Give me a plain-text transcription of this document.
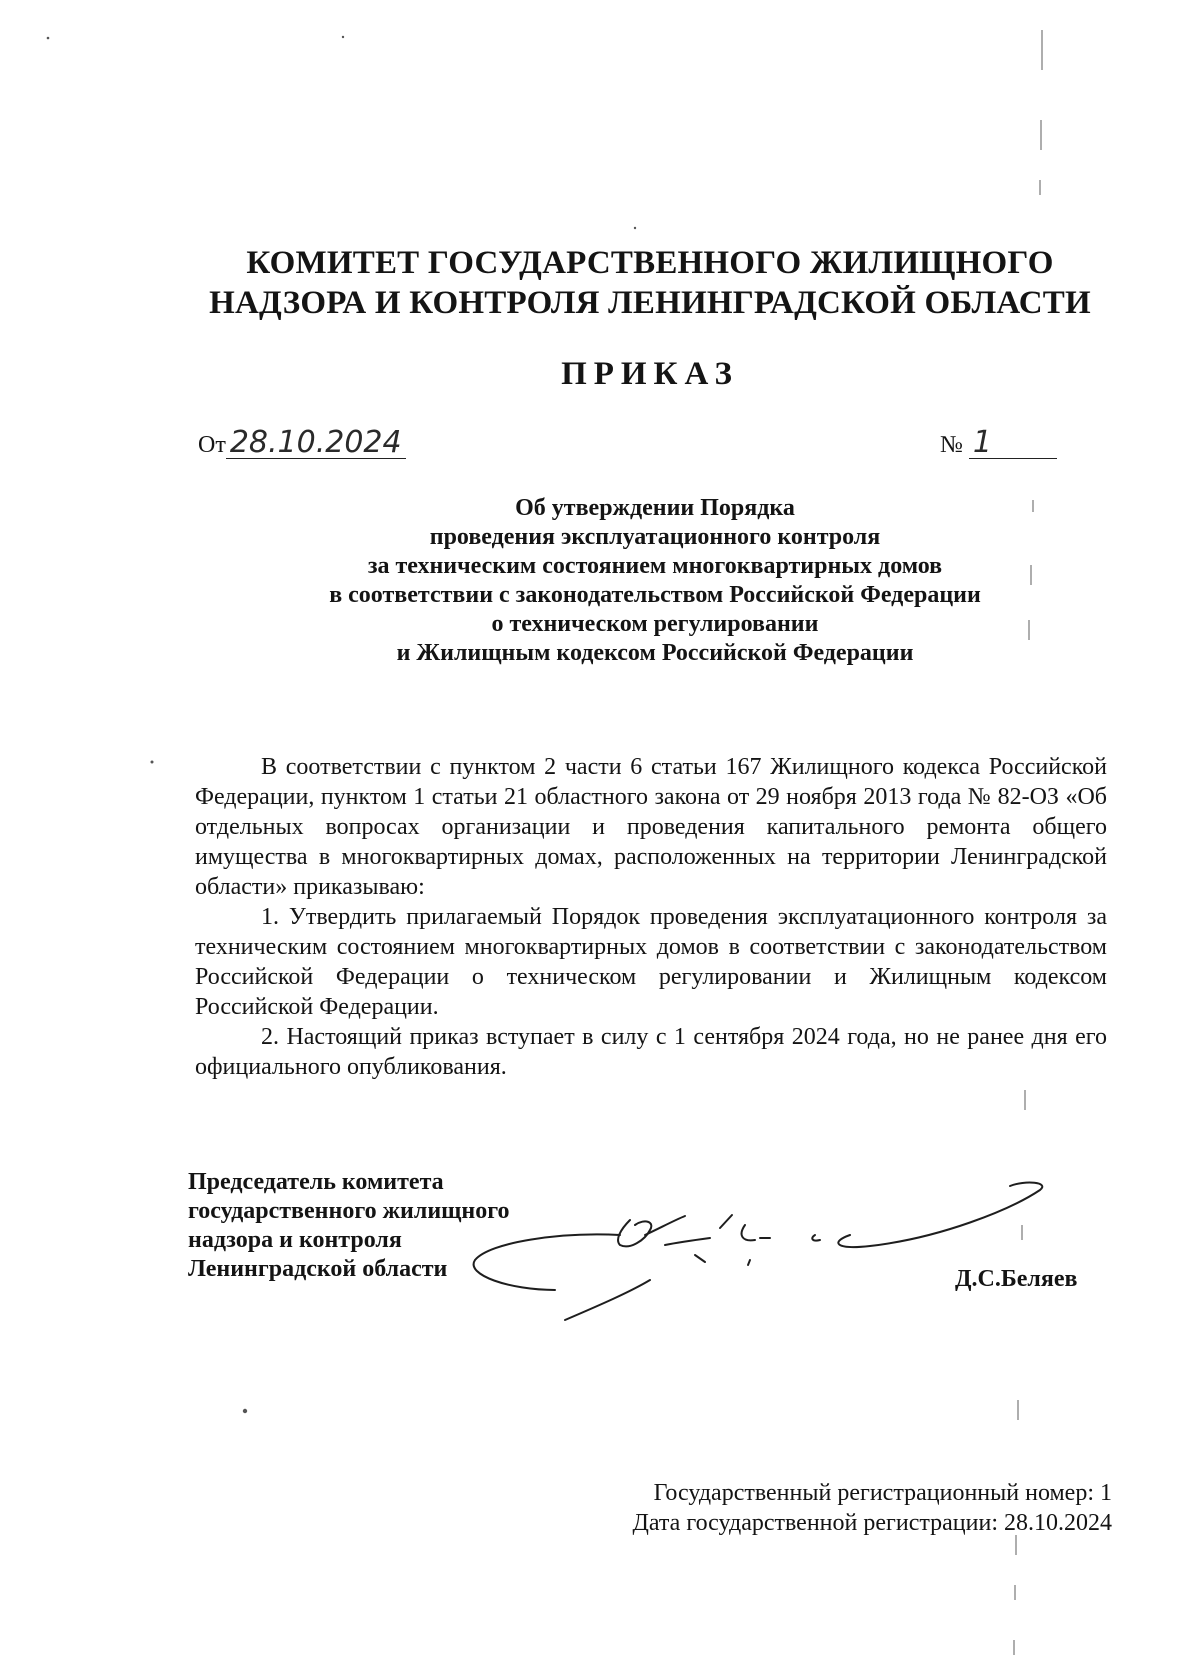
КОМИТЕТ ГОСУДАРСТВЕННОГО ЖИЛИЩНОГО
НАДЗОРА И КОНТРОЛЯ ЛЕНИНГРАДСКОЙ ОБЛАСТИ
ПРИКАЗ
От 28.10.2024	№ 1
Об утверждении Порядка
проведения эксплуатационного контроля
за техническим состоянием многоквартирных домов
в соответствии с законодательством Российской Федерации
о техническом регулировании
и Жилищным кодексом Российской Федерации

В соответствии с пунктом 2 части 6 статьи 167 Жилищного кодекса Российской Федерации, пунктом 1 статьи 21 областного закона от 29 ноября 2013 года № 82-ОЗ «Об отдельных вопросах организации и проведения капитального ремонта общего имущества в многоквартирных домах, расположенных на территории Ленинградской области» приказываю:

1. Утвердить прилагаемый Порядок проведения эксплуатационного контроля за техническим состоянием многоквартирных домов в соответствии с законодательством Российской Федерации о техническом регулировании и Жилищным кодексом Российской Федерации.

2. Настоящий приказ вступает в силу с 1 сентября 2024 года, но не ранее дня его официального опубликования.

Председатель комитета
государственного жилищного
надзора и контроля
Ленинградской области	Д.С.Беляев
Государственный регистрационный номер: 1
Дата государственной регистрации: 28.10.2024
